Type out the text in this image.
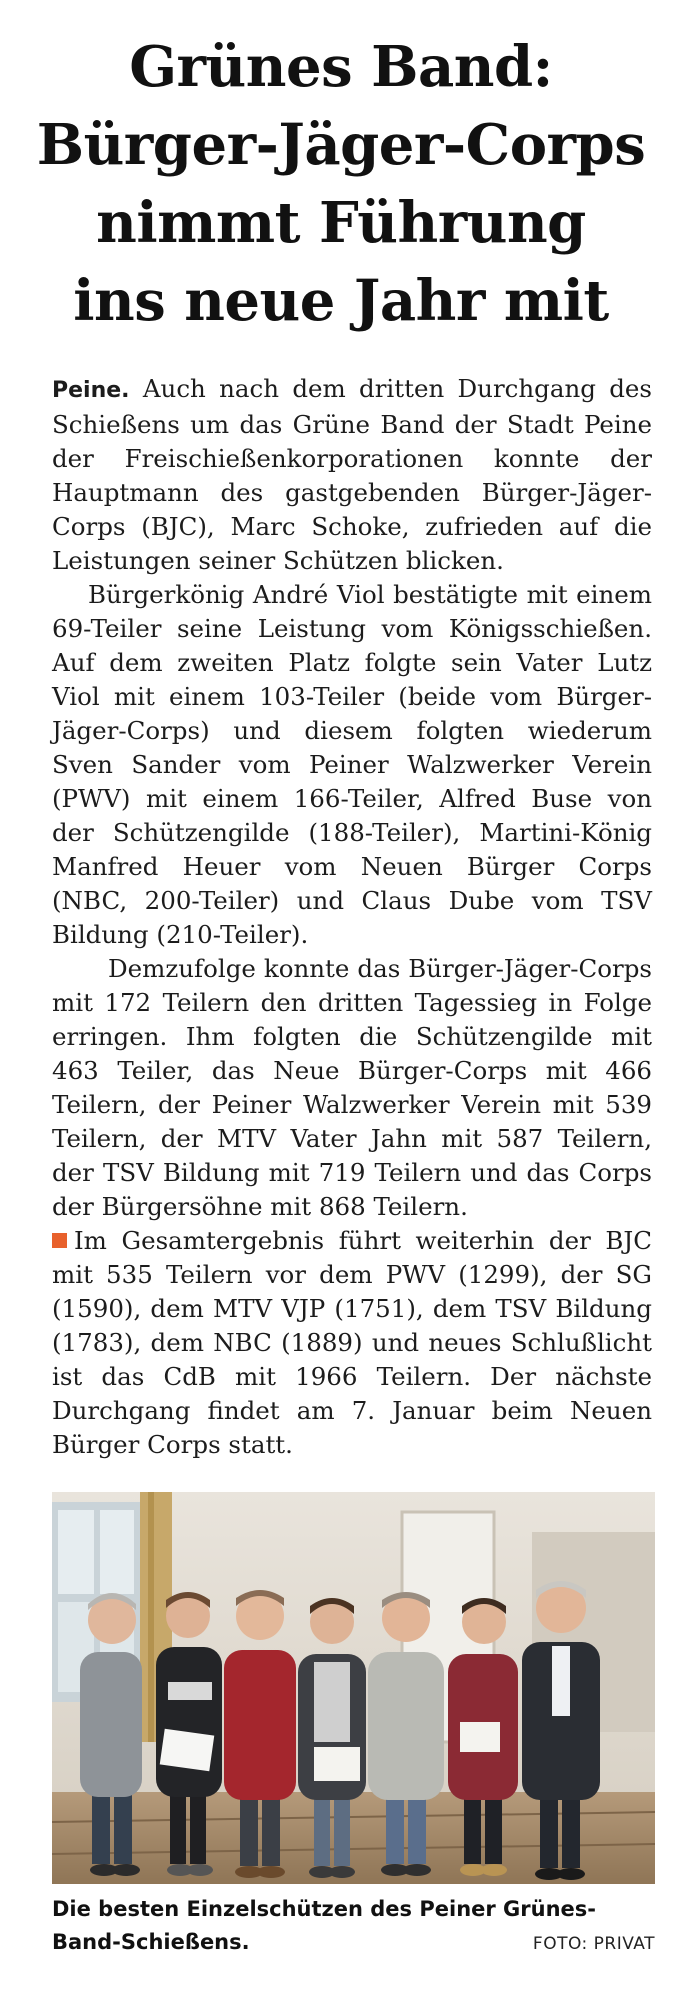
Grünes Band:
Bürger-Jäger-Corps
nimmt Führung
ins neue Jahr mit

Peine. Auch nach dem dritten Durchgang des Schießens um das Grüne Band der Stadt Peine der Freischießenkorporationen konnte der Hauptmann des gastgebenden Bürger-Jäger-Corps (BJC), Marc Schoke, zufrieden auf die Leistungen seiner Schützen blicken.

Bürgerkönig André Viol bestätigte mit einem 69-Teiler seine Leistung vom Königsschießen. Auf dem zweiten Platz folgte sein Vater Lutz Viol mit einem 103-Teiler (beide vom Bürger-Jäger-Corps) und diesem folgten wiederum Sven Sander vom Peiner Walzwerker Verein (PWV) mit einem 166-Teiler, Alfred Buse von der Schützengilde (188-Teiler), Martini-König Manfred Heuer vom Neuen Bürger Corps (NBC, 200-Teiler) und Claus Dube vom TSV Bildung (210-Teiler).

Demzufolge konnte das Bürger-Jäger-Corps mit 172 Teilern den dritten Tagessieg in Folge erringen. Ihm folgten die Schützengilde mit 463 Teiler, das Neue Bürger-Corps mit 466 Teilern, der Peiner Walzwerker Verein mit 539 Teilern, der MTV Vater Jahn mit 587 Teilern, der TSV Bildung mit 719 Teilern und das Corps der Bürgersöhne mit 868 Teilern.

Im Gesamtergebnis führt weiterhin der BJC mit 535 Teilern vor dem PWV (1299), der SG (1590), dem MTV VJP (1751), dem TSV Bildung (1783), dem NBC (1889) und neues Schlußlicht ist das CdB mit 1966 Teilern. Der nächste Durchgang findet am 7. Januar beim Neuen Bürger Corps statt.

Die besten Einzelschützen des Peiner Grünes-
Band-Schießens.	FOTO: PRIVAT
